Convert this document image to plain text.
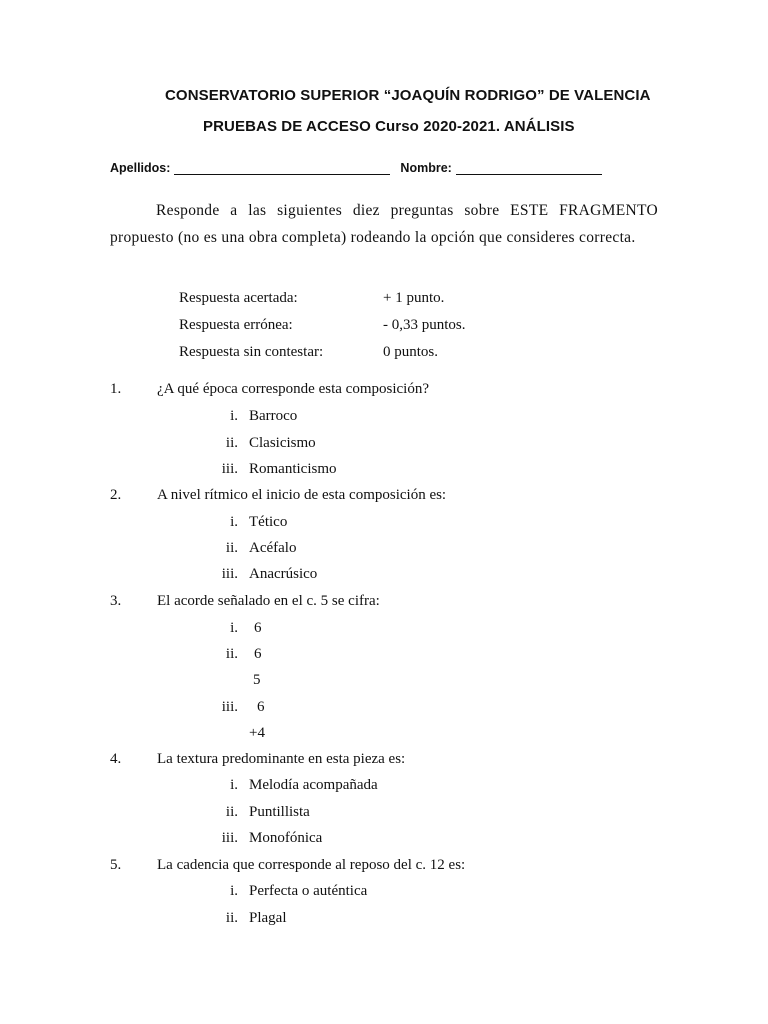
CONSERVATORIO SUPERIOR “JOAQUÍN RODRIGO” DE VALENCIA
PRUEBAS DE ACCESO Curso 2020-2021. ANÁLISIS
Apellidos:	Nombre:
Responde a las siguientes diez preguntas sobre ESTE FRAGMENTO propuesto (no es una obra completa) rodeando la opción que consideres correcta.
Respuesta acertada:	+ 1 punto.
Respuesta errónea:	- 0,33 puntos.
Respuesta sin contestar:	0 puntos.
1. ¿A qué época corresponde esta composición?
i. Barroco
ii. Clasicismo
iii. Romanticismo
2. A nivel rítmico el inicio de esta composición es:
i. Tético
ii. Acéfalo
iii. Anacrúsico
3. El acorde señalado en el c. 5 se cifra:
i. 6
ii. 6
5
iii. 6
+4
4. La textura predominante en esta pieza es:
i. Melodía acompañada
ii. Puntillista
iii. Monofónica
5. La cadencia que corresponde al reposo del c. 12 es:
i. Perfecta o auténtica
ii. Plagal
